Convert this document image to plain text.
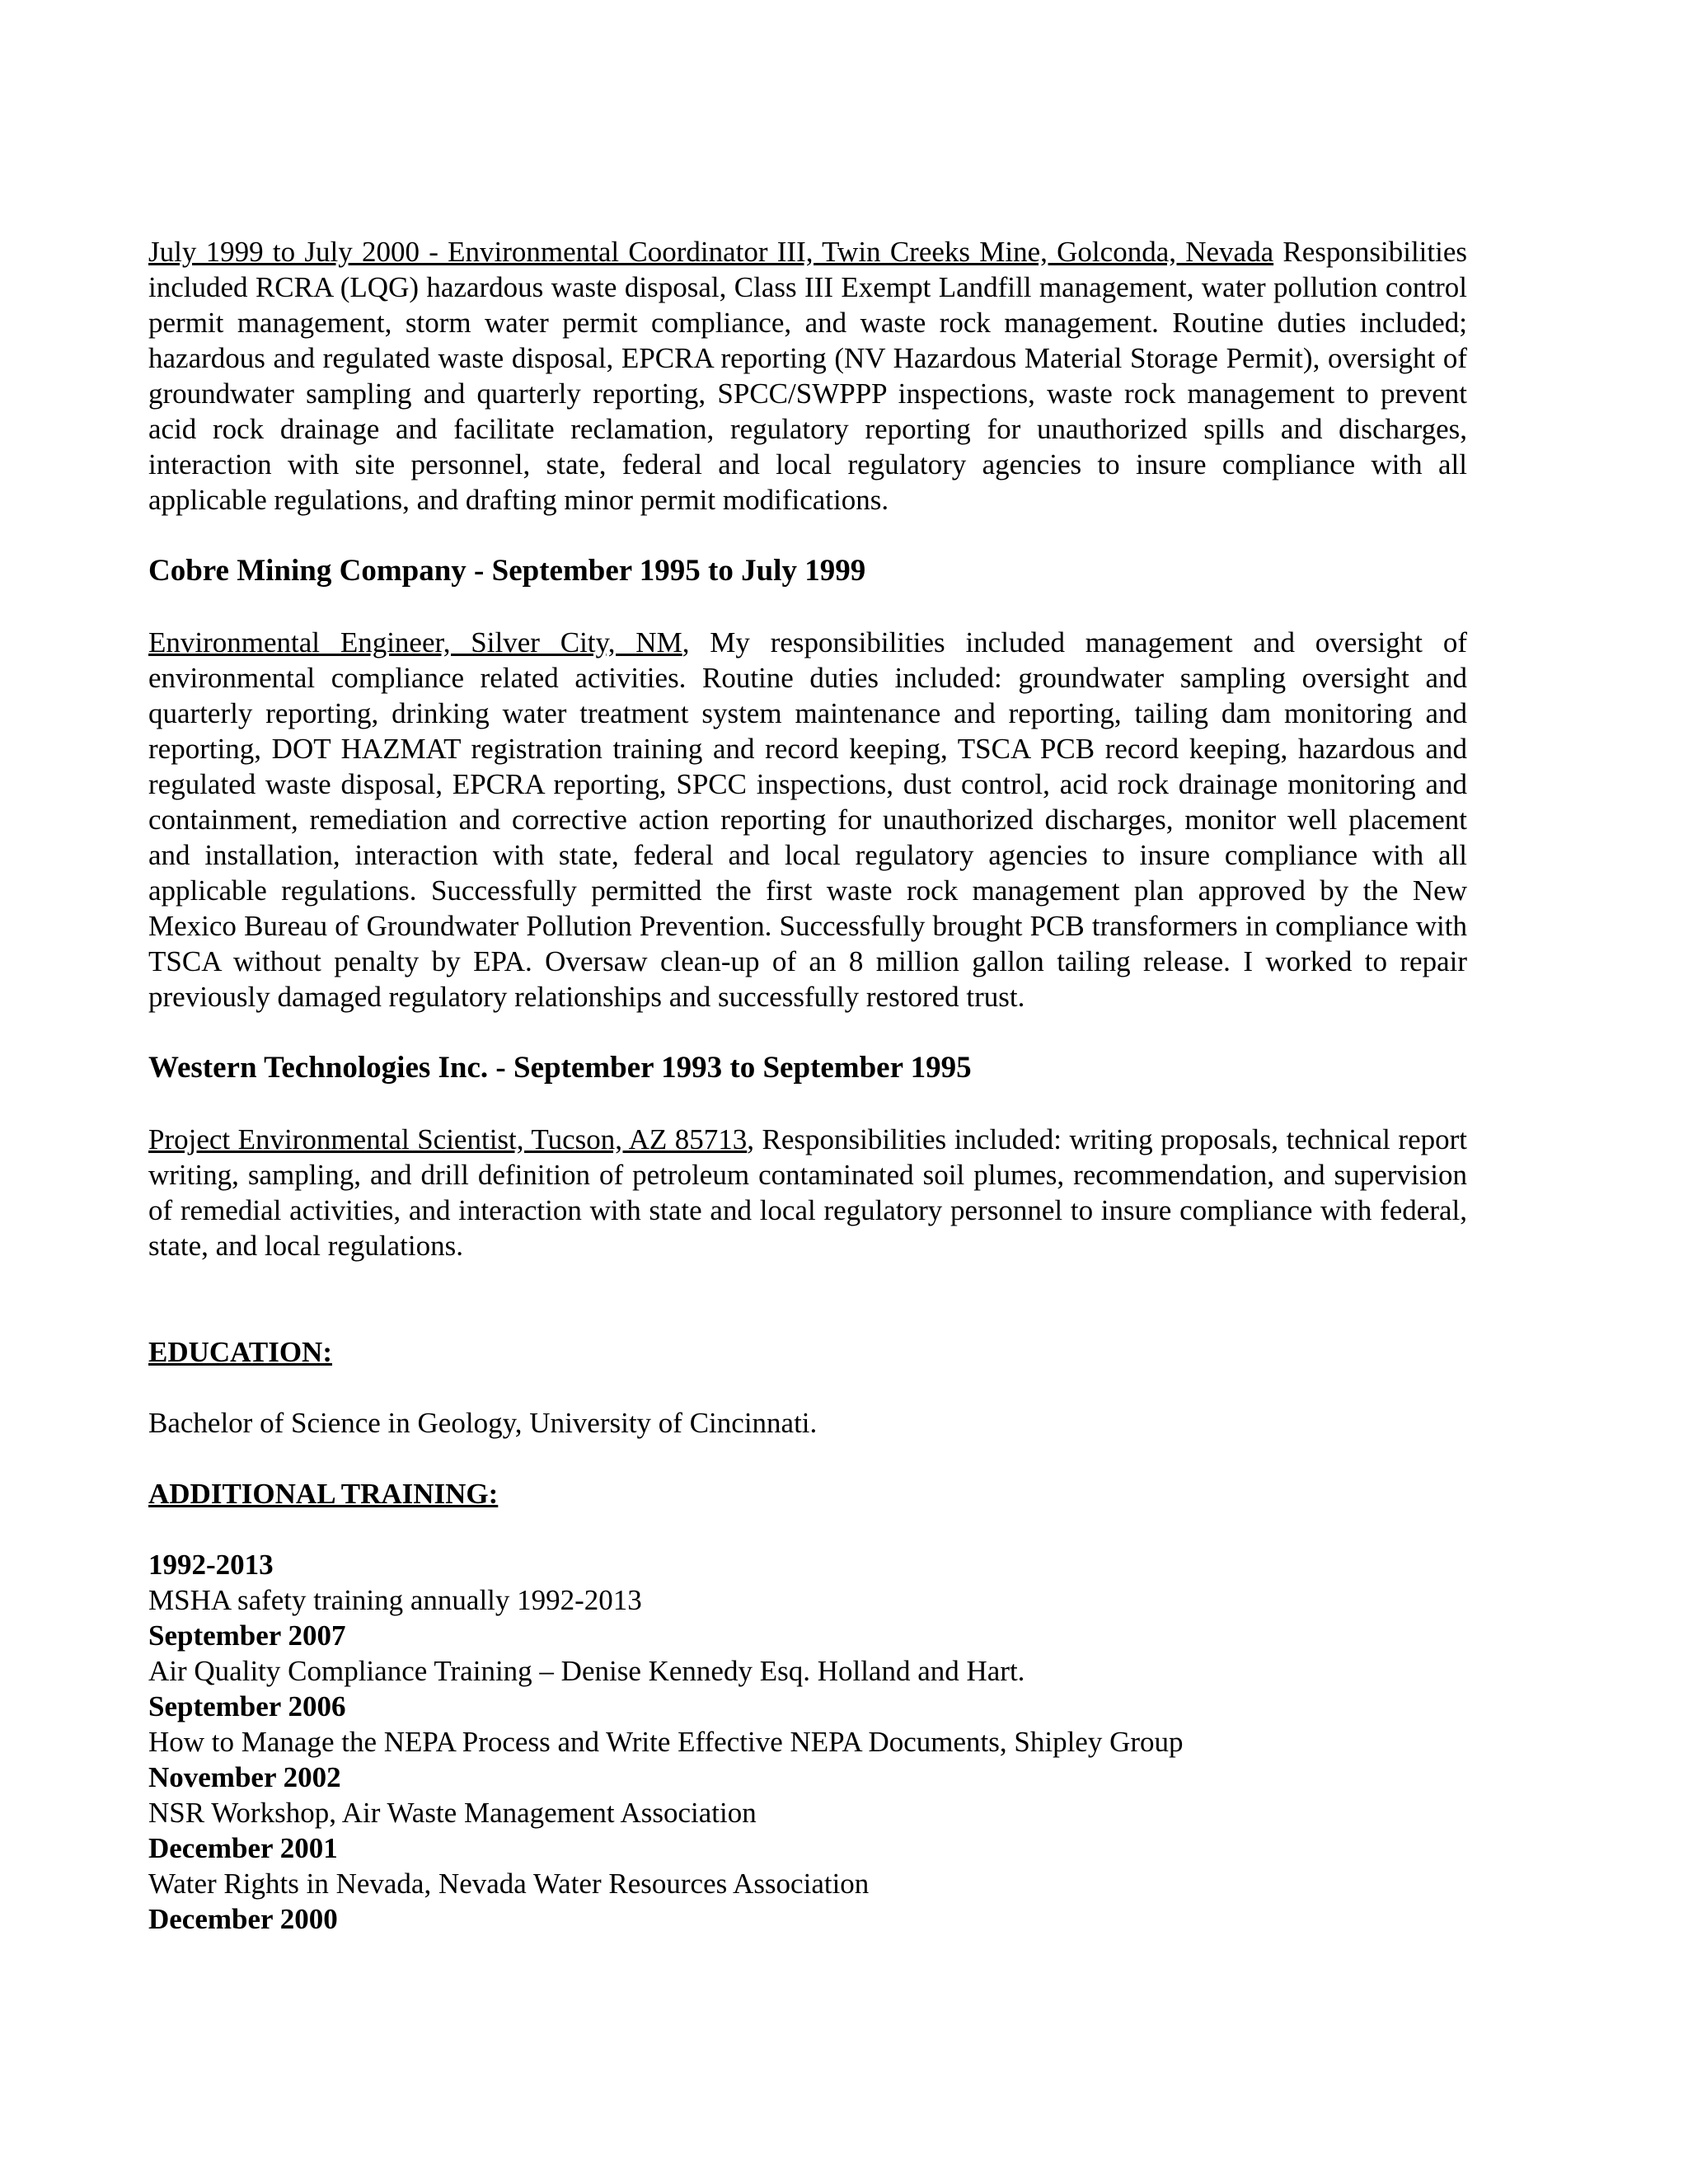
July 1999 to July 2000 - Environmental Coordinator III, Twin Creeks Mine, Golconda, Nevada Responsibilities included RCRA (LQG) hazardous waste disposal, Class III Exempt Landfill management, water pollution control permit management, storm water permit compliance, and waste rock management. Routine duties included; hazardous and regulated waste disposal, EPCRA reporting (NV Hazardous Material Storage Permit), oversight of groundwater sampling and quarterly reporting, SPCC/SWPPP inspections, waste rock management to prevent acid rock drainage and facilitate reclamation, regulatory reporting for unauthorized spills and discharges, interaction with site personnel, state, federal and local regulatory agencies to insure compliance with all applicable regulations, and drafting minor permit modifications.

Cobre Mining Company - September 1995 to July 1999

Environmental Engineer, Silver City, NM, My responsibilities included management and oversight of environmental compliance related activities. Routine duties included: groundwater sampling oversight and quarterly reporting, drinking water treatment system maintenance and reporting, tailing dam monitoring and reporting, DOT HAZMAT registration training and record keeping, TSCA PCB record keeping, hazardous and regulated waste disposal, EPCRA reporting, SPCC inspections, dust control, acid rock drainage monitoring and containment, remediation and corrective action reporting for unauthorized discharges, monitor well placement and installation, interaction with state, federal and local regulatory agencies to insure compliance with all applicable regulations. Successfully permitted the first waste rock management plan approved by the New Mexico Bureau of Groundwater Pollution Prevention. Successfully brought PCB transformers in compliance with TSCA without penalty by EPA. Oversaw clean-up of an 8 million gallon tailing release. I worked to repair previously damaged regulatory relationships and successfully restored trust.

Western Technologies Inc. - September 1993 to September 1995

Project Environmental Scientist, Tucson, AZ 85713, Responsibilities included: writing proposals, technical report writing, sampling, and drill definition of petroleum contaminated soil plumes, recommendation, and supervision of remedial activities, and interaction with state and local regulatory personnel to insure compliance with federal, state, and local regulations.

EDUCATION:

Bachelor of Science in Geology, University of Cincinnati.

ADDITIONAL TRAINING:

1992-2013

MSHA safety training annually 1992-2013

September 2007

Air Quality Compliance Training – Denise Kennedy Esq. Holland and Hart.

September 2006

How to Manage the NEPA Process and Write Effective NEPA Documents, Shipley Group

November 2002

NSR Workshop, Air Waste Management Association

December 2001

Water Rights in Nevada, Nevada Water Resources Association

December 2000
